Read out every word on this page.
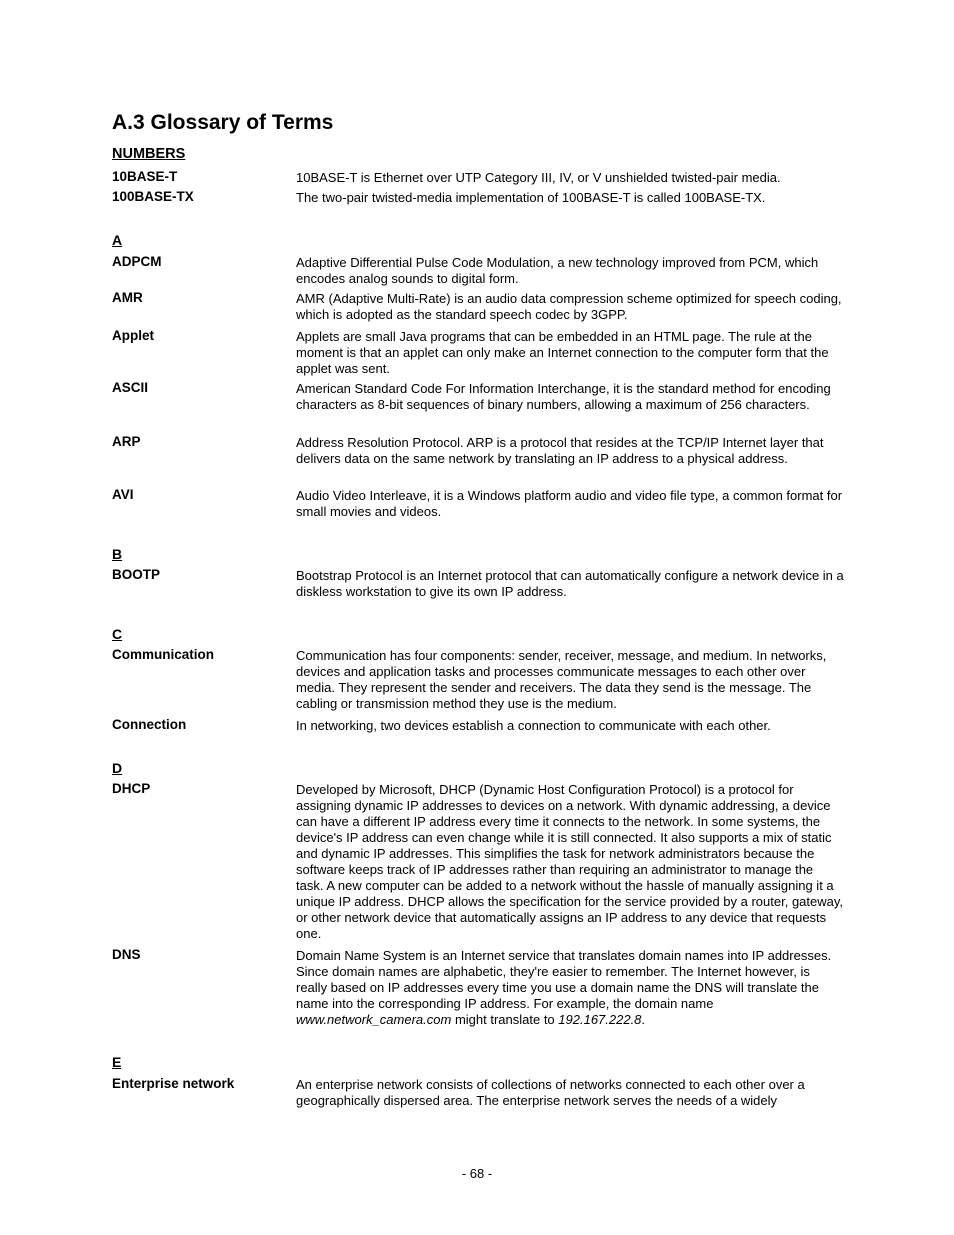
A.3 Glossary of Terms
NUMBERS
10BASE-T	10BASE-T is Ethernet over UTP Category III, IV, or V unshielded twisted-pair media.
100BASE-TX	The two-pair twisted-media implementation of 100BASE-T is called 100BASE-TX.
A
ADPCM	Adaptive Differential Pulse Code Modulation, a new technology improved from PCM, which encodes analog sounds to digital form.
AMR	AMR (Adaptive Multi-Rate) is an audio data compression scheme optimized for speech coding, which is adopted as the standard speech codec by 3GPP.
Applet	Applets are small Java programs that can be embedded in an HTML page. The rule at the moment is that an applet can only make an Internet connection to the computer form that the applet was sent.
ASCII	American Standard Code For Information Interchange, it is the standard method for encoding characters as 8-bit sequences of binary numbers, allowing a maximum of 256 characters.
ARP	Address Resolution Protocol. ARP is a protocol that resides at the TCP/IP Internet layer that delivers data on the same network by translating an IP address to a physical address.
AVI	Audio Video Interleave, it is a Windows platform audio and video file type, a common format for small movies and videos.
B
BOOTP	Bootstrap Protocol is an Internet protocol that can automatically configure a network device in a diskless workstation to give its own IP address.
C
Communication	Communication has four components: sender, receiver, message, and medium. In networks, devices and application tasks and processes communicate messages to each other over media. They represent the sender and receivers. The data they send is the message. The cabling or transmission method they use is the medium.
Connection	In networking, two devices establish a connection to communicate with each other.
D
DHCP	Developed by Microsoft, DHCP (Dynamic Host Configuration Protocol) is a protocol for assigning dynamic IP addresses to devices on a network. With dynamic addressing, a device can have a different IP address every time it connects to the network. In some systems, the device's IP address can even change while it is still connected. It also supports a mix of static and dynamic IP addresses. This simplifies the task for network administrators because the software keeps track of IP addresses rather than requiring an administrator to manage the task. A new computer can be added to a network without the hassle of manually assigning it a unique IP address. DHCP allows the specification for the service provided by a router, gateway, or other network device that automatically assigns an IP address to any device that requests one.
DNS	Domain Name System is an Internet service that translates domain names into IP addresses. Since domain names are alphabetic, they're easier to remember. The Internet however, is really based on IP addresses every time you use a domain name the DNS will translate the name into the corresponding IP address. For example, the domain name www.network_camera.com might translate to 192.167.222.8.
E
Enterprise network	An enterprise network consists of collections of networks connected to each other over a geographically dispersed area. The enterprise network serves the needs of a widely
- 68 -
